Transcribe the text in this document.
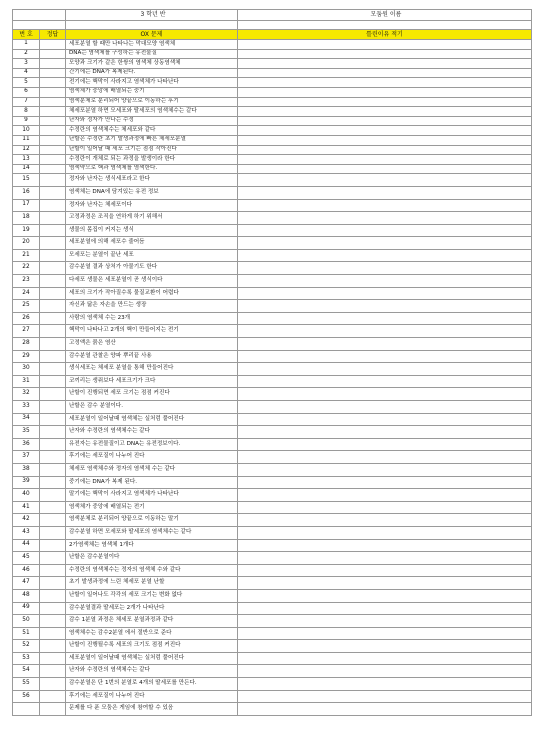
		3 학년 반	모둠원 이름

번 호	정답	OX 문제	틀린이유 적기
1		세포분열 할 때만 나타나는 막대모양 염색체	
2		DNA는 염색체를 구성하는 유전물질	
3		모양과 크기가 같은 한쌍의 염색체 상동염색체	
4		간기에는 DNA가 복제된다.	
5		전기에는 핵막이 사라지고 염색체가 나타난다	
6		염색체가 중앙에 배열되는 중기	
7		염색분체로 분리되어 양끝으로 이동하는 후기	
8		체세포분열 하면 모세포와 딸세포의 염색체수는 같다	
9		난자와 정자가 만나는 수정	
10		수정란의 염색체수는 체세포와 같다	
11		난할은 수정란 초기 발생과정에 빠른 체세포분열	
12		난할이 일어날 때 세포 크기는 점점 작아진다	
13		수정란이 개체로 되는 과정을 발생이라 한다	
14		염색약으로 핵과 염색체를 염색한다.	
15		정자와 난자는 생식세포라고 한다	
16		염색체는 DNA에 담겨있는 유전 정보	
17		정자와 난자는 체세포이다	
18		고정과정은 조직을 연하게 하기 위해서	
19		생물의 몸집이 커지는 생식	
20		세포분열에 의해 세포수 줄어듬	
21		모세포는 분열이 끝난 세포	
22		감수분열 결과 상처가 아물기도 한다	
23		다세포 생물은 세포분열이 곧 생식이다	
24		세포의 크기가 작아질수록 물질교환이 어렵다	
25		자신과 닮은 자손을 만드는 생장	
26		사람의 염색체 수는 23개	
27		핵막이 나타나고 2개의 핵이 만들어지는 전기	
28		고정액은 묽은 염산	
29		감수분열 관찰은 양파 뿌리끝 사용	
30		생식세포는 체세포 분열을 통해 만들어진다	
31		코끼리는 생쥐보다 세포크기가 크다	
32		난할이 진행되면 세포 크기는 점점 커진다	
33		난할은 감수 분열이다.	
34		세포분열이 일어날때 염색체는 실처럼 풀어진다	
35		난자와 수정란의 염색체수는 같다	
36		유전자는 유전물질이고 DNA는 유전정보이다.	
37		후기에는 세포질이 나누어 진다	
38		체세포 염색체수와 정자의 염색체 수는 같다	
39		중기에는 DNA가 복제 된다.	
40		말기에는 핵막이 사라지고 염색체가 나타난다	
41		염색체가 중앙에 배열되는 전기	
42		염색분체로 분리되어 양끝으로 이동하는 말기	
43		감수분열 하면 모세포와 딸세포의 염색체수는 같다	
44		2가염색체는 염색체 1개다	
45		난할은 감수분열이다	
46		수정란의 염색체수는 정자의 염색체 수와 같다	
47		초기 발생과정에 느린 체세포 분열 난할	
48		난할이 일어나도 각각의 세포 크기는 변화 없다	
49		감수분열결과 딸세포는 2개가 나타난다	
50		감수 1분열 과정은 체세포 분열과정과 같다	
51		염색체수는 감수2분열 에서 절반으로 준다	
52		난할이 진행될수록 세포의 크기도 점점 커진다	
53		세포분열이 일어날때 염색체는 실처럼 풀어진다	
54		난자와 수정란의 염색체수는 같다	
55		감수분열은 단 1번의 분열로 4개의 딸세포를 만든다.	
56		후기에는 세포질이 나누어 진다	
		문제를 다 푼 모둠은 게임에 참여할 수 있음	
